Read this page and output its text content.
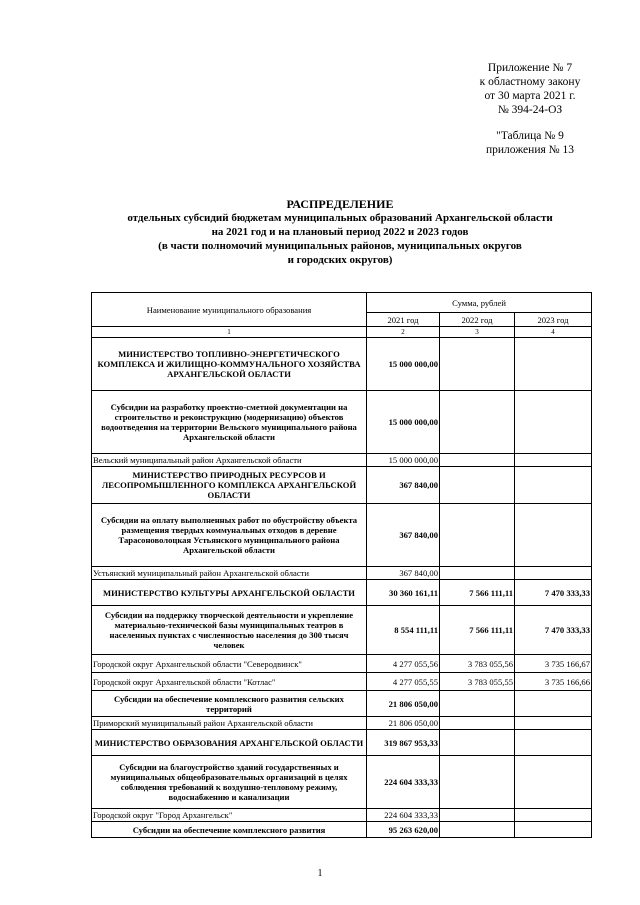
Приложение № 7
к областному закону
от 30 марта 2021 г.
№ 394-24-ОЗ
"Таблица № 9
приложения № 13
РАСПРЕДЕЛЕНИЕ
отдельных субсидий бюджетам муниципальных образований Архангельской области
на 2021 год и на плановый период 2022 и 2023 годов
(в части полномочий муниципальных районов, муниципальных округов
и городских округов)
Наименование муниципального образования	Сумма, рублей		
	2021 год	2022 год	2023 год
1	2	3	4
МИНИСТЕРСТВО ТОПЛИВНО-ЭНЕРГЕТИЧЕСКОГО КОМПЛЕКСА И ЖИЛИЩНО-КОММУНАЛЬНОГО ХОЗЯЙСТВА АРХАНГЕЛЬСКОЙ ОБЛАСТИ	15 000 000,00		
Субсидии на разработку проектно-сметной документации на строительство и реконструкцию (модернизацию) объектов водоотведения на территории Вельского муниципального района Архангельской области	15 000 000,00		
Вельский муниципальный район Архангельской области	15 000 000,00		
МИНИСТЕРСТВО ПРИРОДНЫХ РЕСУРСОВ И ЛЕСОПРОМЫШЛЕННОГО КОМПЛЕКСА АРХАНГЕЛЬСКОЙ ОБЛАСТИ	367 840,00		
Субсидии на оплату выполненных работ по обустройству объекта размещения твердых коммунальных отходов в деревне Тарасоноволоцкая Устьянского муниципального района Архангельской области	367 840,00		
Устьянский муниципальный район Архангельской области	367 840,00		
МИНИСТЕРСТВО КУЛЬТУРЫ АРХАНГЕЛЬСКОЙ ОБЛАСТИ	30 360 161,11	7 566 111,11	7 470 333,33
Субсидии на поддержку творческой деятельности и укрепление материально-технической базы муниципальных театров в населенных пунктах с численностью населения до 300 тысяч человек	8 554 111,11	7 566 111,11	7 470 333,33
Городской округ Архангельской области "Северодвинск"	4 277 055,56	3 783 055,56	3 735 166,67
Городской округ Архангельской области "Котлас"	4 277 055,55	3 783 055,55	3 735 166,66
Субсидии на обеспечение комплексного развития сельских территорий	21 806 050,00		
Приморский муниципальный район Архангельской области	21 806 050,00		
МИНИСТЕРСТВО ОБРАЗОВАНИЯ АРХАНГЕЛЬСКОЙ ОБЛАСТИ	319 867 953,33		
Субсидии на благоустройство зданий государственных и муниципальных общеобразовательных организаций в целях соблюдения требований к воздушно-тепловому режиму, водоснабжению и канализации	224 604 333,33		
Городской округ "Город Архангельск"	224 604 333,33		
Субсидии на обеспечение комплексного развития	95 263 620,00		
1
